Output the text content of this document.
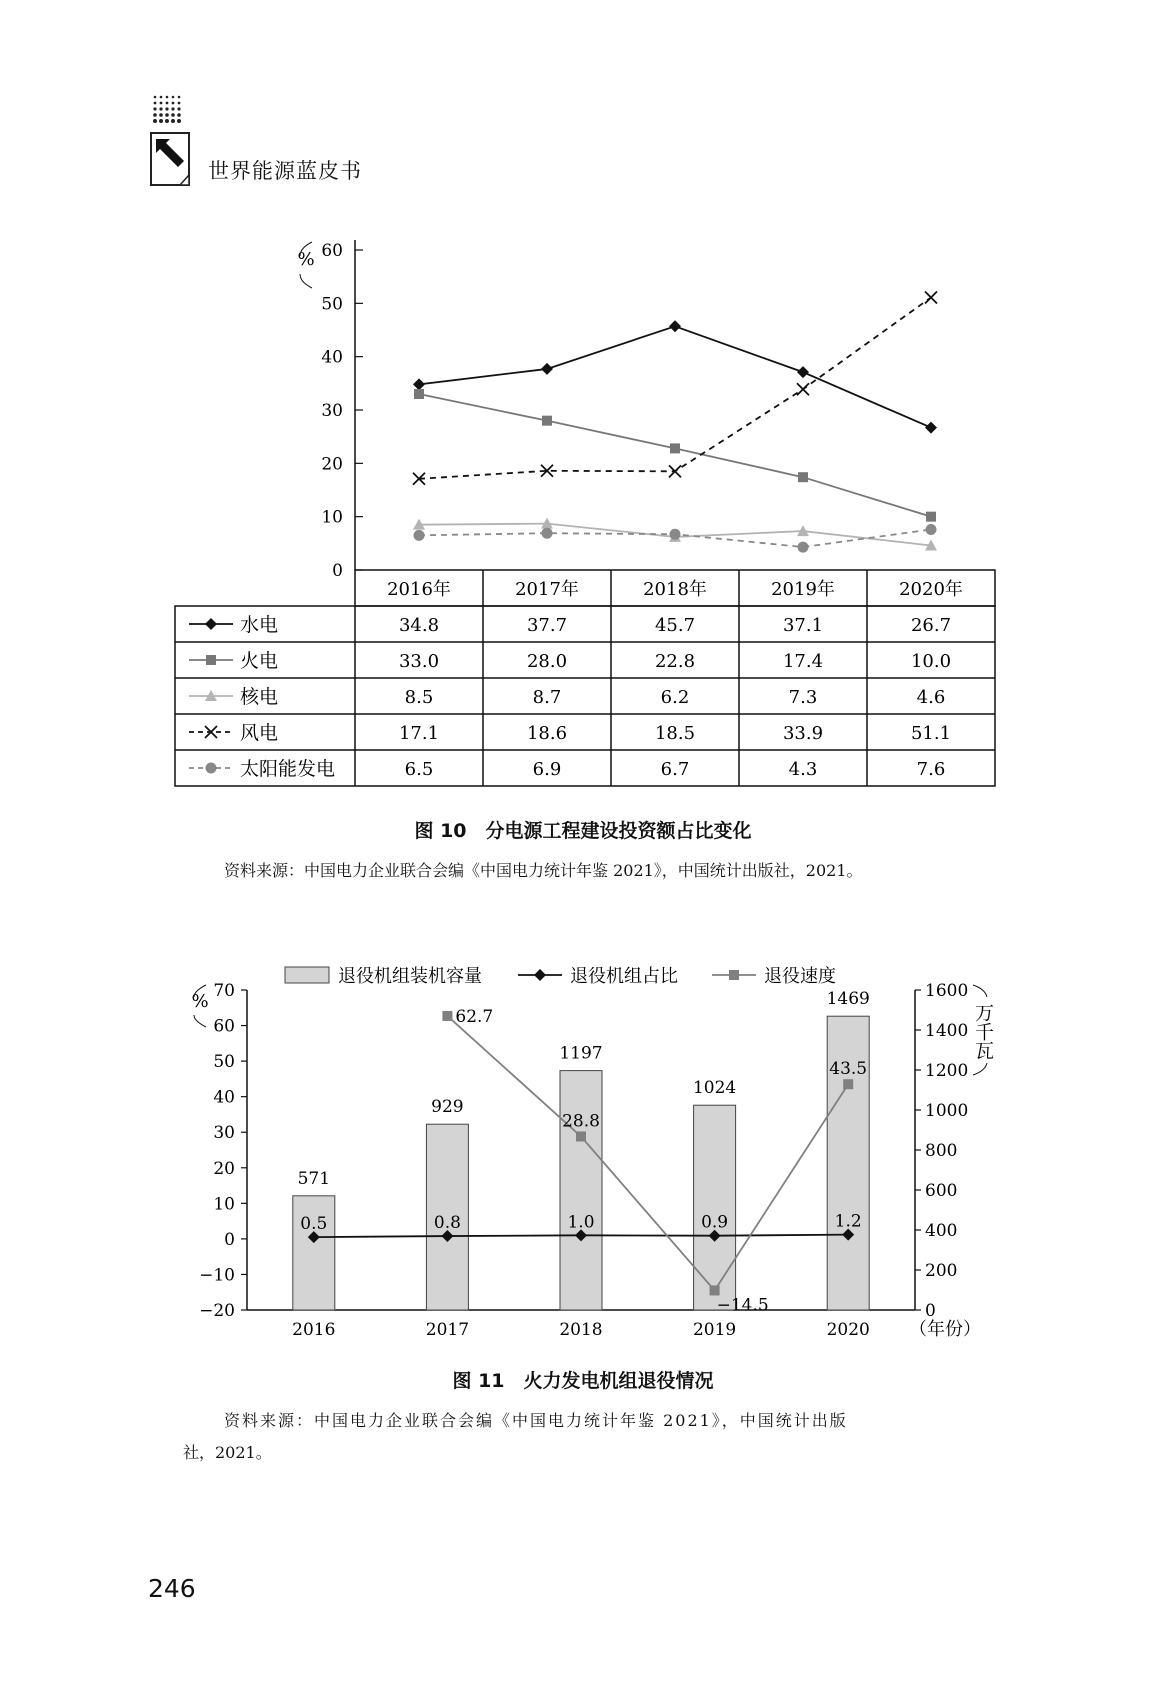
世界能源蓝皮书
0
10
20
30
40
50
60
%
2016年	2017年	2018年	2019年	2020年
水电	34.8	37.7	45.7	37.1	26.7
火电	33.0	28.0	22.8	17.4	10.0
核电	8.5	8.7	6.2	7.3	4.6
风电	17.1	18.6	18.5	33.9	51.1
太阳能发电	6.5	6.9	6.7	4.3	7.6
图 10　分电源工程建设投资额占比变化
资料来源：中国电力企业联合会编《中国电力统计年鉴 2021》，中国统计出版社，2021。
退役机组装机容量	退役机组占比	退役速度
−20
−10
0
10
20
30
40
50
60
70
0
200
400
600
800
1000
1200
1400
1600
%
万千瓦
571
929
1197
1024
1469
2016	2017	2018	2019	2020 （年份）
0.5	0.8	1.0	0.9	1.2
62.7
28.8
−14.5
43.5
图 11　火力发电机组退役情况
资料来源：中国电力企业联合会编《中国电力统计年鉴 2021》，中国统计出版
社，2021。
246
